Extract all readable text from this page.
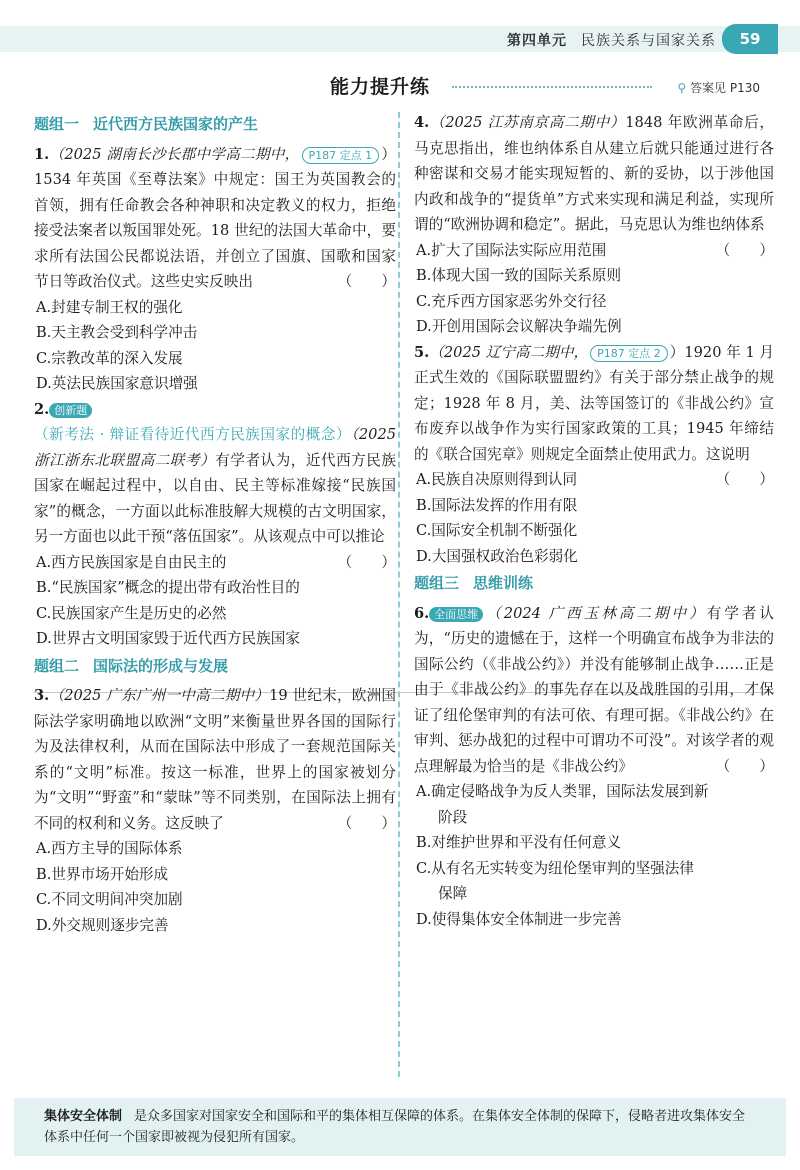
第四单元 民族关系与国家关系	59
能力提升练	⚲ 答案见 P130
题组一 近代西方民族国家的产生
1.（2025 湖南长沙长郡中学高二期中， P187 定点 1 ）1534 年英国《至尊法案》中规定：国王为英国教会的首领，拥有任命教会各种神职和决定教义的权力，拒绝接受法案者以叛国罪处死。18 世纪的法国大革命中，要求所有法国公民都说法语，并创立了国旗、国歌和国家节日等政治仪式。这些史实反映出	（　　）
A.封建专制王权的强化
B.天主教会受到科学冲击
C.宗教改革的深入发展
D.英法民族国家意识增强
2. 创新题（新考法 · 辩证看待近代西方民族国家的概念）（2025 浙江浙东北联盟高二联考）有学者认为，近代西方民族国家在崛起过程中，以自由、民主等标准嫁接“民族国家”的概念，一方面以此标准肢解大规模的古文明国家，另一方面也以此干预“落伍国家”。从该观点中可以推论
（　　）
A.西方民族国家是自由民主的
B.“民族国家”概念的提出带有政治性目的
C.民族国家产生是历史的必然
D.世界古文明国家毁于近代西方民族国家
题组二 国际法的形成与发展
3.（2025 广东广州一中高二期中）19 世纪末，欧洲国际法学家明确地以欧洲“文明”来衡量世界各国的国际行为及法律权利，从而在国际法中形成了一套规范国际关系的“文明”标准。按这一标准，世界上的国家被划分为“文明”“野蛮”和“蒙昧”等不同类别，在国际法上拥有不同的权利和义务。这反映了	（　　）
A.西方主导的国际体系
B.世界市场开始形成
C.不同文明间冲突加剧
D.外交规则逐步完善
4.（2025 江苏南京高二期中）1848 年欧洲革命后，马克思指出，维也纳体系自从建立后就只能通过进行各种密谋和交易才能实现短暂的、新的妥协，以于涉他国内政和战争的“提货单”方式来实现和满足利益，实现所谓的“欧洲协调和稳定”。据此，马克思认为维也纳体系
（　　）
A.扩大了国际法实际应用范围
B.体现大国一致的国际关系原则
C.充斥西方国家恶劣外交行径
D.开创用国际会议解决争端先例
5.（2025 辽宁高二期中， P187 定点 2 ）1920 年 1 月正式生效的《国际联盟盟约》有关于部分禁止战争的规定；1928 年 8 月，美、法等国签订的《非战公约》宣布废弃以战争作为实行国家政策的工具；1945 年缔结的《联合国宪章》则规定全面禁止使用武力。这说明
（　　）
A.民族自决原则得到认同
B.国际法发挥的作用有限
C.国际安全机制不断强化
D.大国强权政治色彩弱化
题组三 思维训练
6. 全面思维 （2024 广西玉林高二期中）有学者认为，“历史的遗憾在于，这样一个明确宣布战争为非法的国际公约（《非战公约》）并没有能够制止战争……正是由于《非战公约》的事先存在以及战胜国的引用，才保证了纽伦堡审判的有法可依、有理可据。《非战公约》在审判、惩办战犯的过程中可谓功不可没”。对该学者的观点理解最为恰当的是《非战公约》	（　　）
A.确定侵略战争为反人类罪，国际法发展到新
阶段
B.对维护世界和平没有任何意义
C.从有名无实转变为纽伦堡审判的坚强法律
保障
D.使得集体安全体制进一步完善
集体安全体制 是众多国家对国家安全和国际和平的集体相互保障的体系。在集体安全体制的保障下，侵略者进攻集体安全体系中任何一个国家即被视为侵犯所有国家。
